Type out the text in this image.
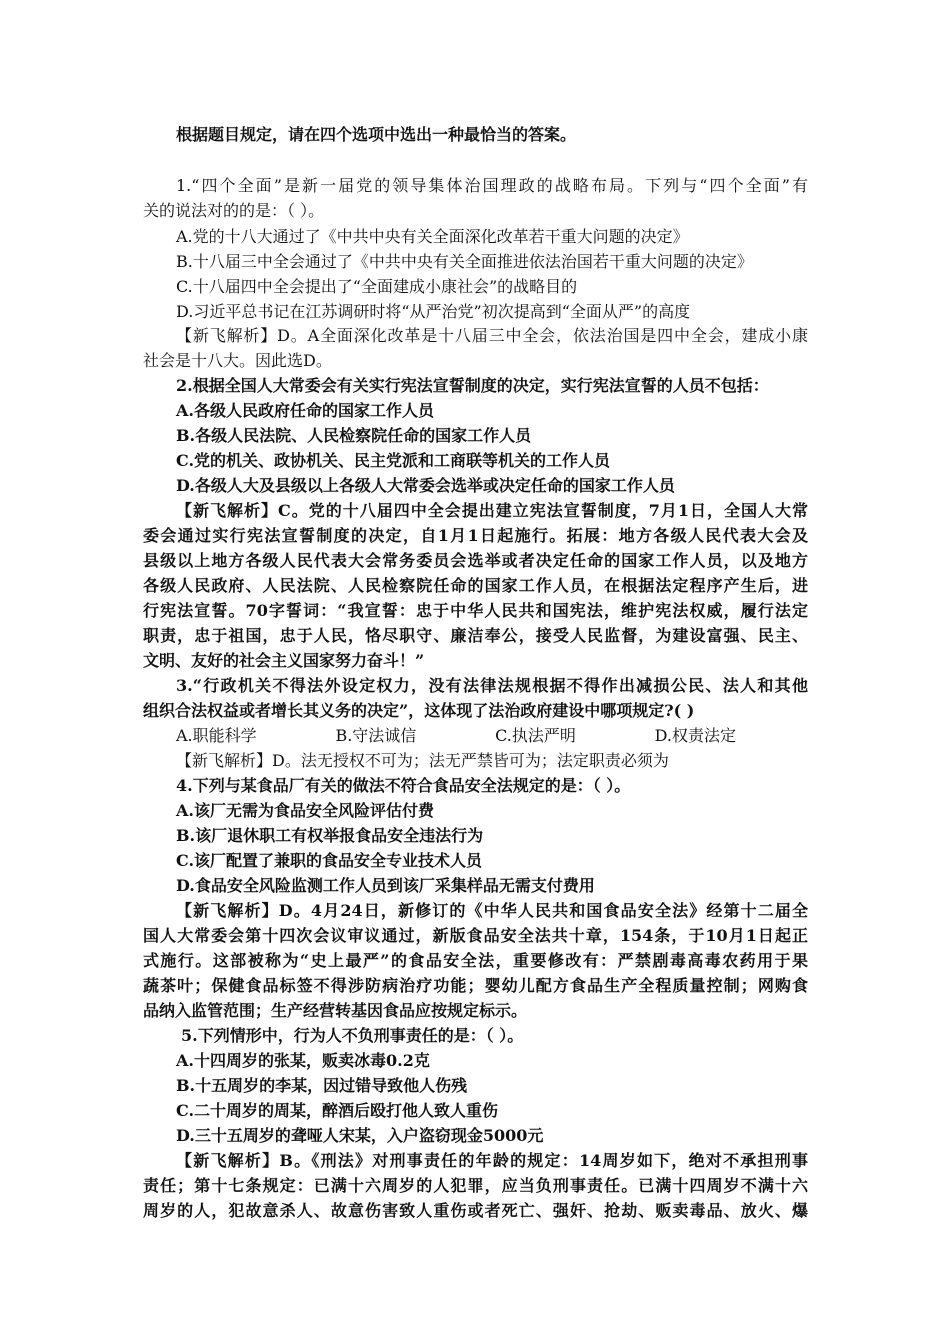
根据题目规定，请在四个选项中选出一种最恰当的答案。
1.“四个全面”是新一届党的领导集体治国理政的战略布局。下列与“四个全面”有
关的说法对的的是：（ ）。
A.党的十八大通过了《中共中央有关全面深化改革若干重大问题的决定》
B.十八届三中全会通过了《中共中央有关全面推进依法治国若干重大问题的决定》
C.十八届四中全会提出了“全面建成小康社会”的战略目的
D.习近平总书记在江苏调研时将“从严治党”初次提高到“全面从严”的高度
【新飞解析】D。A全面深化改革是十八届三中全会，依法治国是四中全会，建成小康
社会是十八大。因此选D。
2.根据全国人大常委会有关实行宪法宣誓制度的决定，实行宪法宣誓的人员不包括：
A.各级人民政府任命的国家工作人员
B.各级人民法院、人民检察院任命的国家工作人员
C.党的机关、政协机关、民主党派和工商联等机关的工作人员
D.各级人大及县级以上各级人大常委会选举或决定任命的国家工作人员
【新飞解析】C。党的十八届四中全会提出建立宪法宣誓制度，7月1日，全国人大常
委会通过实行宪法宣誓制度的决定，自1月1日起施行。拓展：地方各级人民代表大会及
县级以上地方各级人民代表大会常务委员会选举或者决定任命的国家工作人员，以及地方
各级人民政府、人民法院、人民检察院任命的国家工作人员，在根据法定程序产生后，进
行宪法宣誓。70字誓词：“我宣誓：忠于中华人民共和国宪法，维护宪法权威，履行法定
职责，忠于祖国，忠于人民，恪尽职守、廉洁奉公，接受人民监督，为建设富强、民主、
文明、友好的社会主义国家努力奋斗！”
3.“行政机关不得法外设定权力，没有法律法规根据不得作出减损公民、法人和其他
组织合法权益或者增长其义务的决定”，这体现了法治政府建设中哪项规定?( )
A.职能科学	B.守法诚信	C.执法严明	D.权责法定
【新飞解析】D。法无授权不可为；法无严禁皆可为；法定职责必须为
4.下列与某食品厂有关的做法不符合食品安全法规定的是：（ ）。
A.该厂无需为食品安全风险评估付费
B.该厂退休职工有权举报食品安全违法行为
C.该厂配置了兼职的食品安全专业技术人员
D.食品安全风险监测工作人员到该厂采集样品无需支付费用
【新飞解析】D。4月24日，新修订的《中华人民共和国食品安全法》经第十二届全
国人大常委会第十四次会议审议通过，新版食品安全法共十章，154条，于10月1日起正
式施行。这部被称为“史上最严”的食品安全法，重要修改有：严禁剧毒高毒农药用于果
蔬茶叶；保健食品标签不得涉防病治疗功能；婴幼儿配方食品生产全程质量控制；网购食
品纳入监管范围；生产经营转基因食品应按规定标示。
5.下列情形中，行为人不负刑事责任的是：（ ）。
A.十四周岁的张某，贩卖冰毒0.2克
B.十五周岁的李某，因过错导致他人伤残
C.二十周岁的周某，醉酒后殴打他人致人重伤
D.三十五周岁的聋哑人宋某，入户盗窃现金5000元
【新飞解析】B。《刑法》对刑事责任的年龄的规定：14周岁如下，绝对不承担刑事
责任；第十七条规定：已满十六周岁的人犯罪，应当负刑事责任。已满十四周岁不满十六
周岁的人，犯故意杀人、故意伤害致人重伤或者死亡、强奸、抢劫、贩卖毒品、放火、爆
